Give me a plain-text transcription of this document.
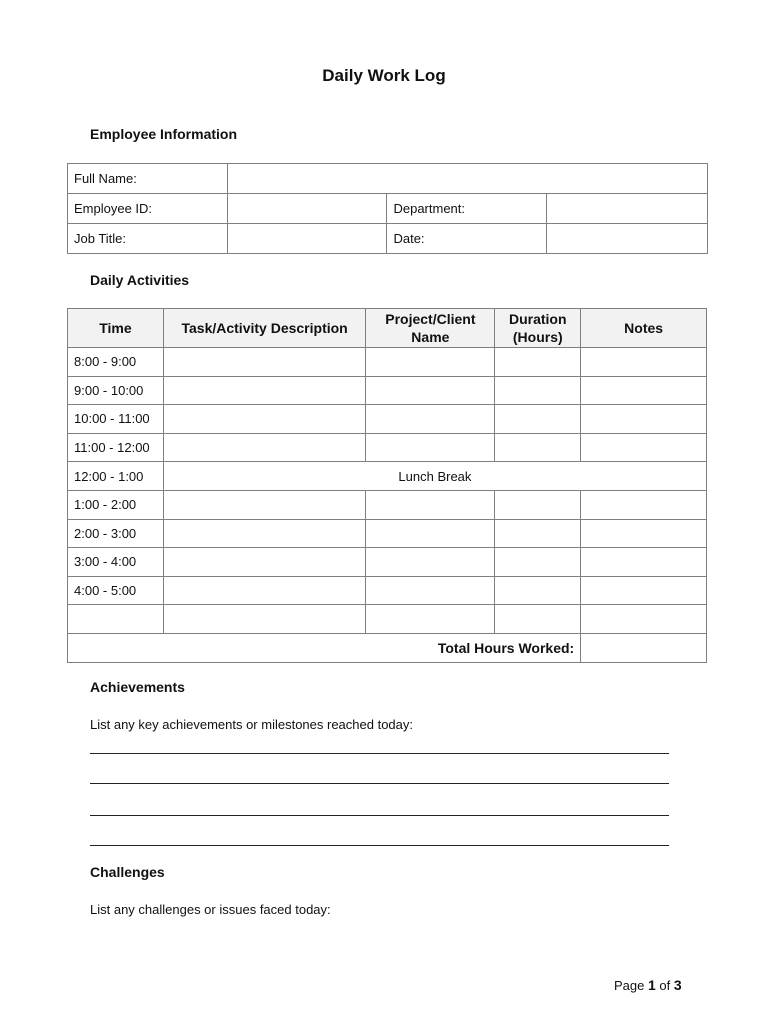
Daily Work Log
Employee Information
Full Name:			
Employee ID:		Department:	
Job Title:		Date:	
Daily Activities
Time	Task/Activity Description	Project/Client Name	Duration (Hours)	Notes
8:00 - 9:00				
9:00 - 10:00				
10:00 - 11:00				
11:00 - 12:00				
12:00 - 1:00	Lunch Break			
1:00 - 2:00				
2:00 - 3:00				
3:00 - 4:00				
4:00 - 5:00				

Total Hours Worked:				
Achievements
List any key achievements or milestones reached today:
Challenges
List any challenges or issues faced today:
Page 1 of 3
